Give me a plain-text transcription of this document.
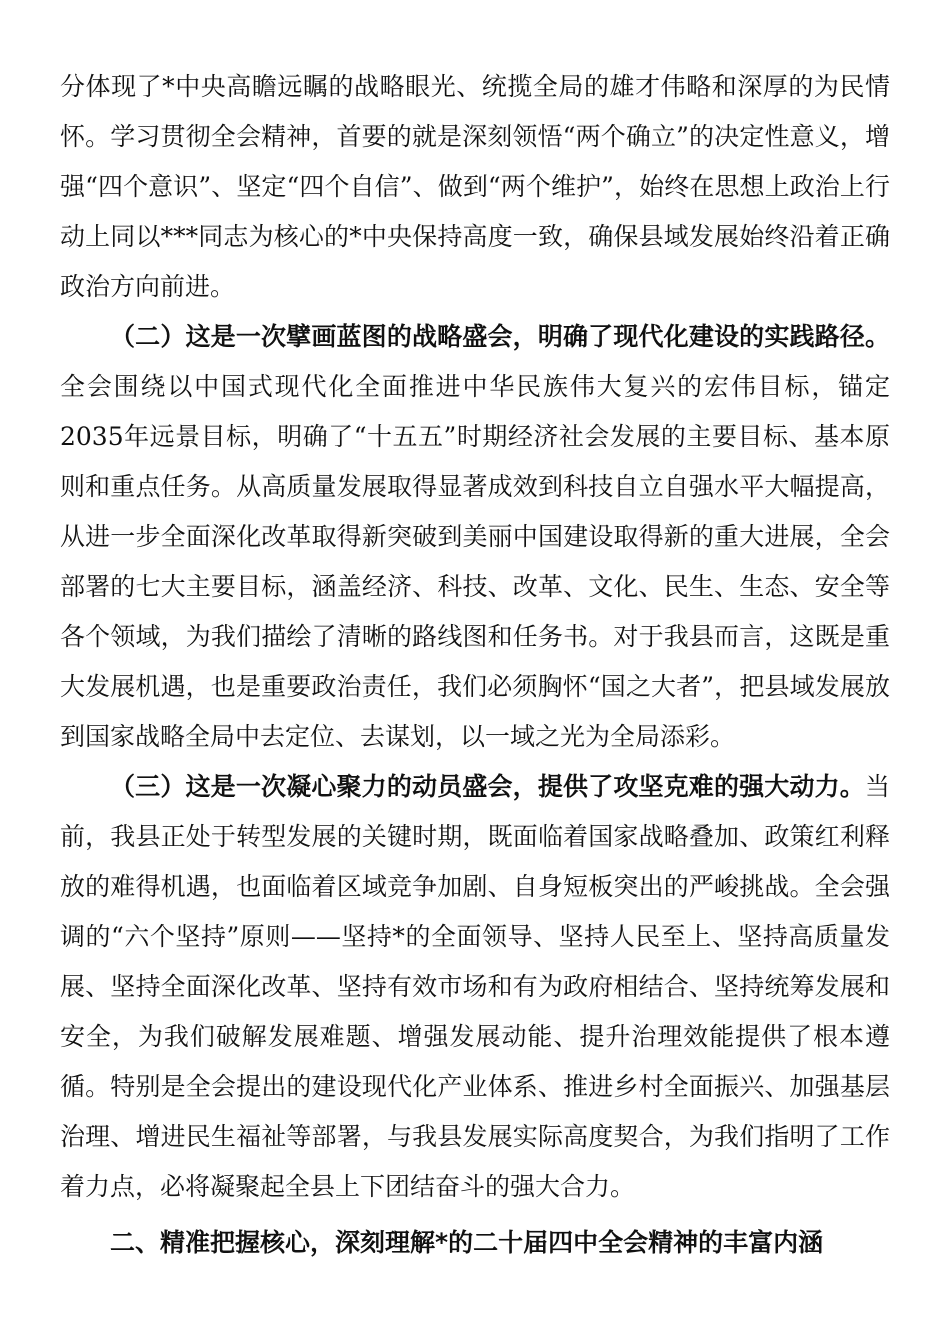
分体现了*中央高瞻远瞩的战略眼光、统揽全局的雄才伟略和深厚的为民情怀。学习贯彻全会精神，首要的就是深刻领悟“两个确立”的决定性意义，增强“四个意识”、坚定“四个自信”、做到“两个维护”，始终在思想上政治上行动上同以***同志为核心的*中央保持高度一致，确保县域发展始终沿着正确政治方向前进。

（二）这是一次擘画蓝图的战略盛会，明确了现代化建设的实践路径。全会围绕以中国式现代化全面推进中华民族伟大复兴的宏伟目标，锚定2035年远景目标，明确了“十五五”时期经济社会发展的主要目标、基本原则和重点任务。从高质量发展取得显著成效到科技自立自强水平大幅提高，从进一步全面深化改革取得新突破到美丽中国建设取得新的重大进展，全会部署的七大主要目标，涵盖经济、科技、改革、文化、民生、生态、安全等各个领域，为我们描绘了清晰的路线图和任务书。对于我县而言，这既是重大发展机遇，也是重要政治责任，我们必须胸怀“国之大者”，把县域发展放到国家战略全局中去定位、去谋划，以一域之光为全局添彩。

（三）这是一次凝心聚力的动员盛会，提供了攻坚克难的强大动力。当前，我县正处于转型发展的关键时期，既面临着国家战略叠加、政策红利释放的难得机遇，也面临着区域竞争加剧、自身短板突出的严峻挑战。全会强调的“六个坚持”原则——坚持*的全面领导、坚持人民至上、坚持高质量发展、坚持全面深化改革、坚持有效市场和有为政府相结合、坚持统筹发展和安全，为我们破解发展难题、增强发展动能、提升治理效能提供了根本遵循。特别是全会提出的建设现代化产业体系、推进乡村全面振兴、加强基层治理、增进民生福祉等部署，与我县发展实际高度契合，为我们指明了工作着力点，必将凝聚起全县上下团结奋斗的强大合力。

二、精准把握核心，深刻理解*的二十届四中全会精神的丰富内涵
